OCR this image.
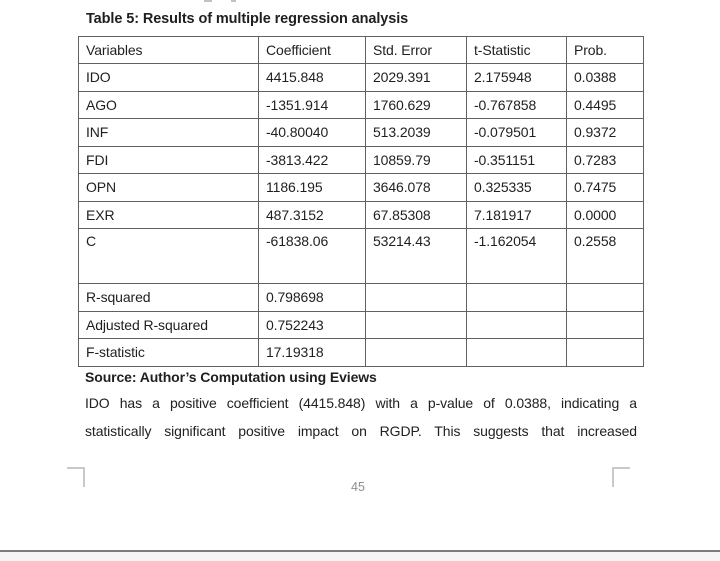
Table 5: Results of multiple regression analysis
Variables	Coefficient	Std. Error	t-Statistic	Prob.
IDO	4415.848	2029.391	2.175948	0.0388
AGO	-1351.914	1760.629	-0.767858	0.4495
INF	-40.80040	513.2039	-0.079501	0.9372
FDI	-3813.422	10859.79	-0.351151	0.7283
OPN	1186.195	3646.078	0.325335	0.7475
EXR	487.3152	67.85308	7.181917	0.0000
C	-61838.06	53214.43	-1.162054	0.2558
R-squared	0.798698			
Adjusted R-squared	0.752243			
F-statistic	17.19318			
Source: Author’s Computation using Eviews
IDO has a positive coefficient (4415.848) with a p-value of 0.0388, indicating a
statistically significant positive impact on RGDP. This suggests that increased
45
